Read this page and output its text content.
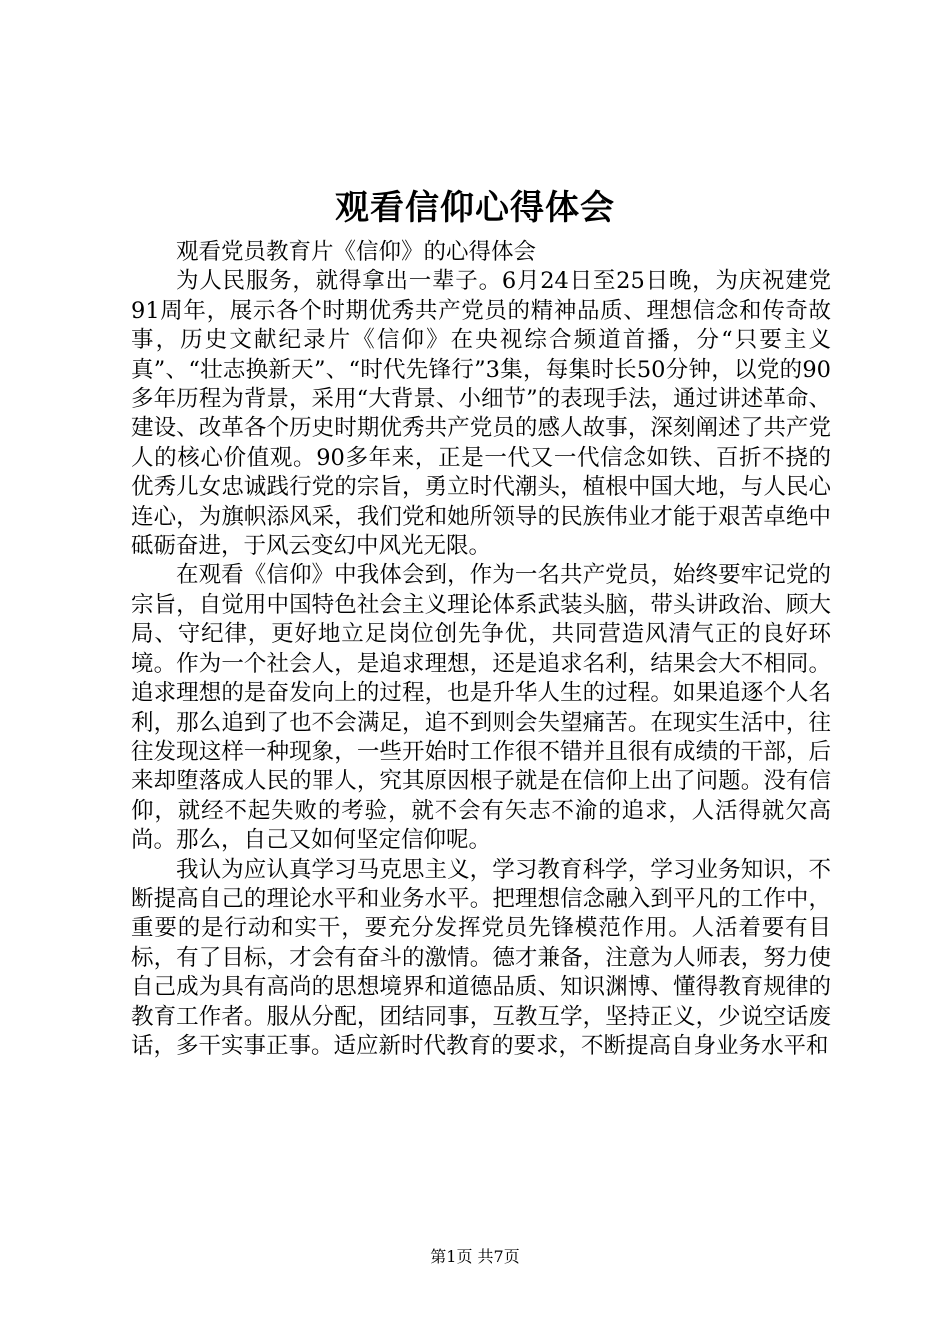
观看信仰心得体会

观看党员教育片《信仰》的心得体会

为人民服务，就得拿出一辈子。6月24日至25日晚，为庆祝建党91周年，展示各个时期优秀共产党员的精神品质、理想信念和传奇故事，历史文献纪录片《信仰》在央视综合频道首播，分“只要主义真”、“壮志换新天”、“时代先锋行”3集，每集时长50分钟，以党的90多年历程为背景，采用“大背景、小细节”的表现手法，通过讲述革命、建设、改革各个历史时期优秀共产党员的感人故事，深刻阐述了共产党人的核心价值观。90多年来，正是一代又一代信念如铁、百折不挠的优秀儿女忠诚践行党的宗旨，勇立时代潮头，植根中国大地，与人民心连心，为旗帜添风采，我们党和她所领导的民族伟业才能于艰苦卓绝中砥砺奋进，于风云变幻中风光无限。

在观看《信仰》中我体会到，作为一名共产党员，始终要牢记党的宗旨，自觉用中国特色社会主义理论体系武装头脑，带头讲政治、顾大局、守纪律，更好地立足岗位创先争优，共同营造风清气正的良好环境。作为一个社会人，是追求理想，还是追求名利，结果会大不相同。追求理想的是奋发向上的过程，也是升华人生的过程。如果追逐个人名利，那么追到了也不会满足，追不到则会失望痛苦。在现实生活中，往往发现这样一种现象，一些开始时工作很不错并且很有成绩的干部，后来却堕落成人民的罪人，究其原因根子就是在信仰上出了问题。没有信仰，就经不起失败的考验，就不会有矢志不渝的追求，人活得就欠高尚。那么，自己又如何坚定信仰呢。

我认为应认真学习马克思主义，学习教育科学，学习业务知识，不断提高自己的理论水平和业务水平。把理想信念融入到平凡的工作中，重要的是行动和实干，要充分发挥党员先锋模范作用。人活着要有目标，有了目标，才会有奋斗的激情。德才兼备，注意为人师表，努力使自己成为具有高尚的思想境界和道德品质、知识渊博、懂得教育规律的教育工作者。服从分配，团结同事，互教互学，坚持正义，少说空话废话，多干实事正事。适应新时代教育的要求，不断提高自身业务水平和

第1页 共7页
